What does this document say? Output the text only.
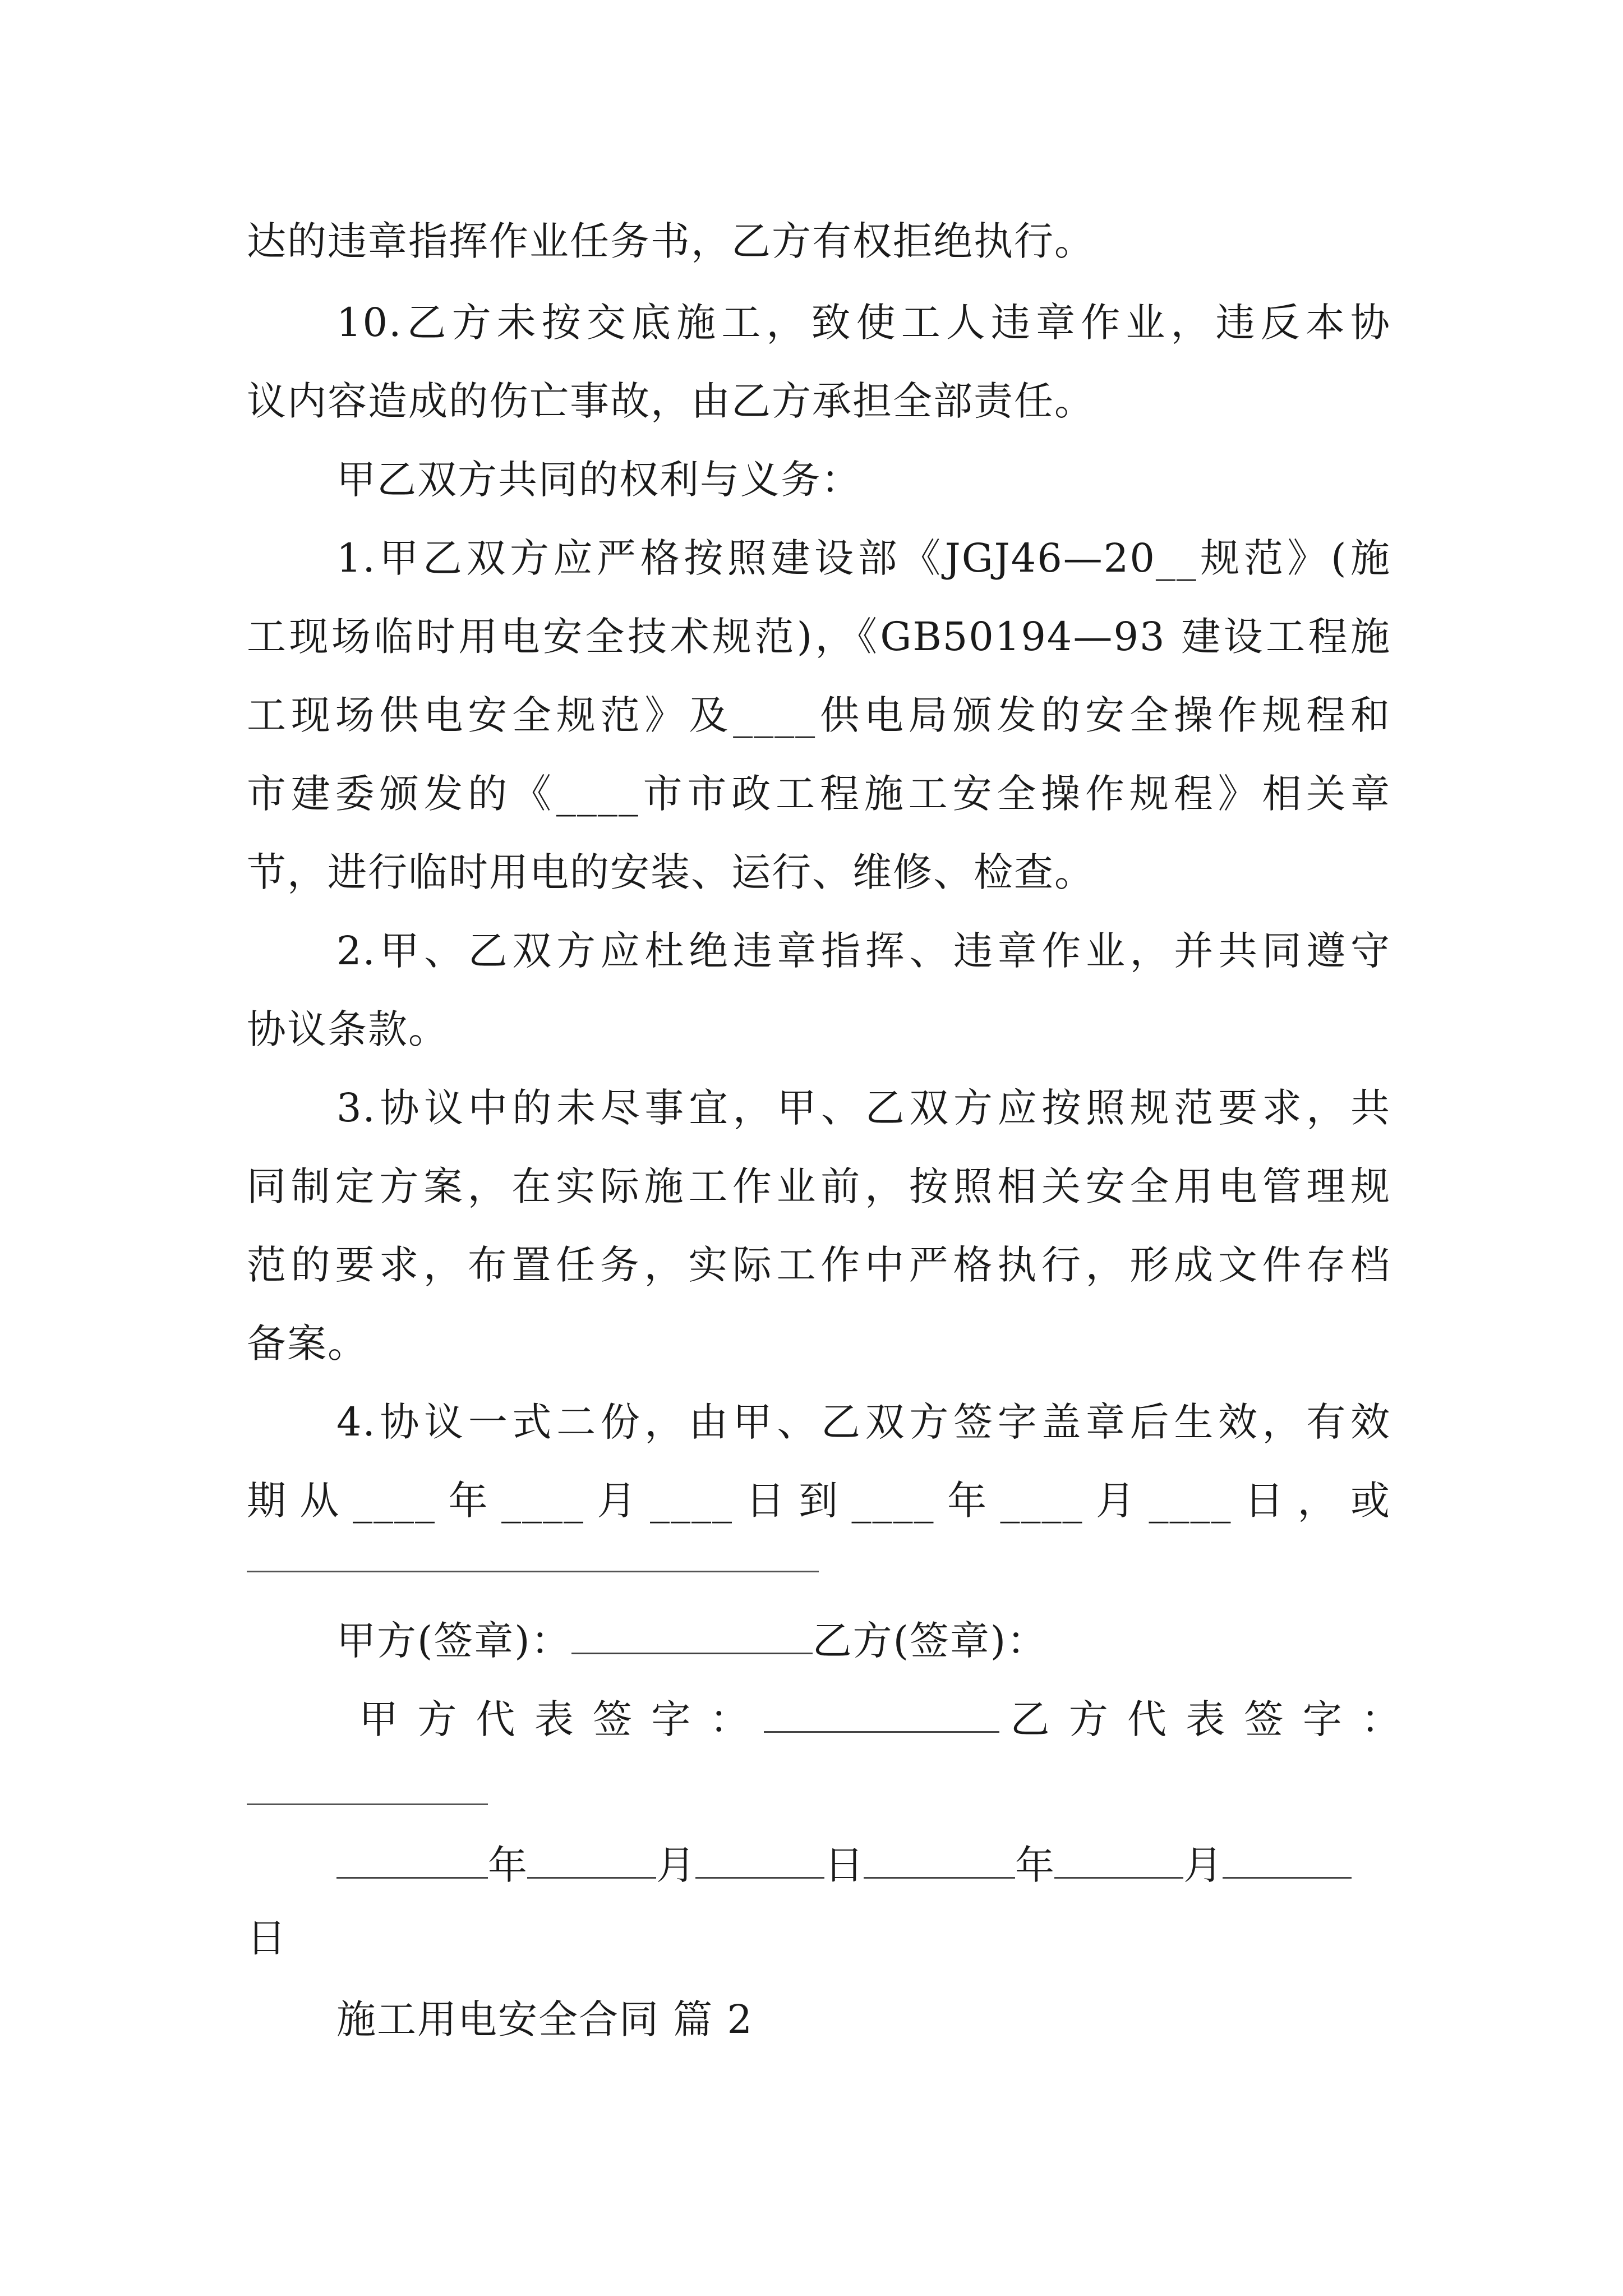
达的违章指挥作业任务书，乙方有权拒绝执行。
10.乙方未按交底施工，致使工人违章作业，违反本协
议内容造成的伤亡事故，由乙方承担全部责任。
甲乙双方共同的权利与义务：
1.甲乙双方应严格按照建设部《JGJ46—20__规范》(施
工现场临时用电安全技术规范)，《GB50194—93 建设工程施
工现场供电安全规范》及____供电局颁发的安全操作规程和
市建委颁发的《____市市政工程施工安全操作规程》相关章
节，进行临时用电的安装、运行、维修、检查。
2.甲、乙双方应杜绝违章指挥、违章作业，并共同遵守
协议条款。
3.协议中的未尽事宜，甲、乙双方应按照规范要求，共
同制定方案，在实际施工作业前，按照相关安全用电管理规
范的要求，布置任务，实际工作中严格执行，形成文件存档
备案。
4.协议一式二份，由甲、乙双方签字盖章后生效，有效
期从____年____月____日到____年____月____日，或
甲方(签章)：	乙方(签章)：
甲 方 代 表 签 字 ：	乙 方 代 表 签 字 ：
年	月	日	年	月
日
施工用电安全合同 篇 2
